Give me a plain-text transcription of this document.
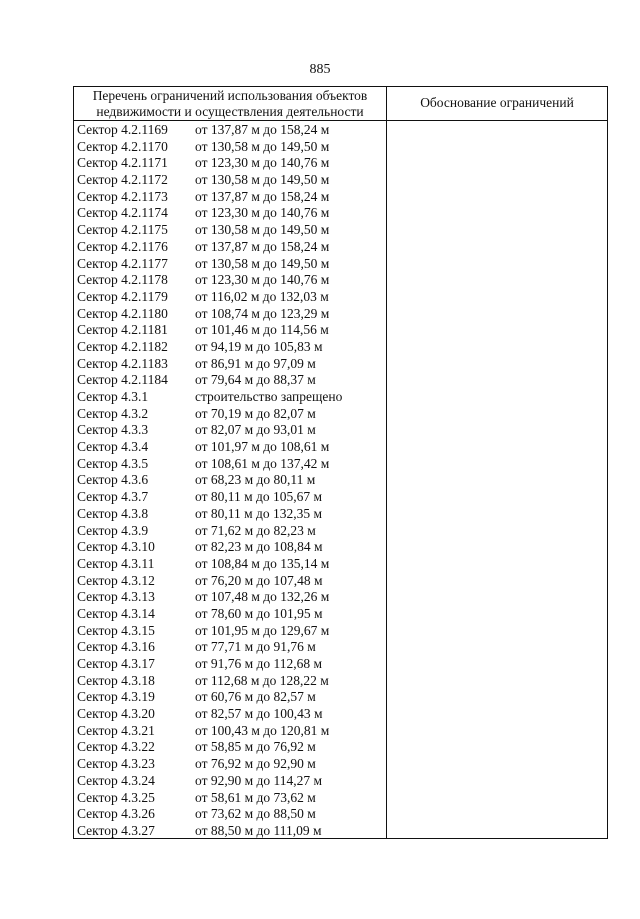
885
Перечень ограничений использования объектов
недвижимости и осуществления деятельности
Обоснование ограничений
Сектор 4.2.1169	от 137,87 м до 158,24 м
Сектор 4.2.1170	от 130,58 м до 149,50 м
Сектор 4.2.1171	от 123,30 м до 140,76 м
Сектор 4.2.1172	от 130,58 м до 149,50 м
Сектор 4.2.1173	от 137,87 м до 158,24 м
Сектор 4.2.1174	от 123,30 м до 140,76 м
Сектор 4.2.1175	от 130,58 м до 149,50 м
Сектор 4.2.1176	от 137,87 м до 158,24 м
Сектор 4.2.1177	от 130,58 м до 149,50 м
Сектор 4.2.1178	от 123,30 м до 140,76 м
Сектор 4.2.1179	от 116,02 м до 132,03 м
Сектор 4.2.1180	от 108,74 м до 123,29 м
Сектор 4.2.1181	от 101,46 м до 114,56 м
Сектор 4.2.1182	от 94,19 м до 105,83 м
Сектор 4.2.1183	от 86,91 м до 97,09 м
Сектор 4.2.1184	от 79,64 м до 88,37 м
Сектор 4.3.1	строительство запрещено
Сектор 4.3.2	от 70,19 м до 82,07 м
Сектор 4.3.3	от 82,07 м до 93,01 м
Сектор 4.3.4	от 101,97 м до 108,61 м
Сектор 4.3.5	от 108,61 м до 137,42 м
Сектор 4.3.6	от 68,23 м до 80,11 м
Сектор 4.3.7	от 80,11 м до 105,67 м
Сектор 4.3.8	от 80,11 м до 132,35 м
Сектор 4.3.9	от 71,62 м до 82,23 м
Сектор 4.3.10	от 82,23 м до 108,84 м
Сектор 4.3.11	от 108,84 м до 135,14 м
Сектор 4.3.12	от 76,20 м до 107,48 м
Сектор 4.3.13	от 107,48 м до 132,26 м
Сектор 4.3.14	от 78,60 м до 101,95 м
Сектор 4.3.15	от 101,95 м до 129,67 м
Сектор 4.3.16	от 77,71 м до 91,76 м
Сектор 4.3.17	от 91,76 м до 112,68 м
Сектор 4.3.18	от 112,68 м до 128,22 м
Сектор 4.3.19	от 60,76 м до 82,57 м
Сектор 4.3.20	от 82,57 м до 100,43 м
Сектор 4.3.21	от 100,43 м до 120,81 м
Сектор 4.3.22	от 58,85 м до 76,92 м
Сектор 4.3.23	от 76,92 м до 92,90 м
Сектор 4.3.24	от 92,90 м до 114,27 м
Сектор 4.3.25	от 58,61 м до 73,62 м
Сектор 4.3.26	от 73,62 м до 88,50 м
Сектор 4.3.27	от 88,50 м до 111,09 м
